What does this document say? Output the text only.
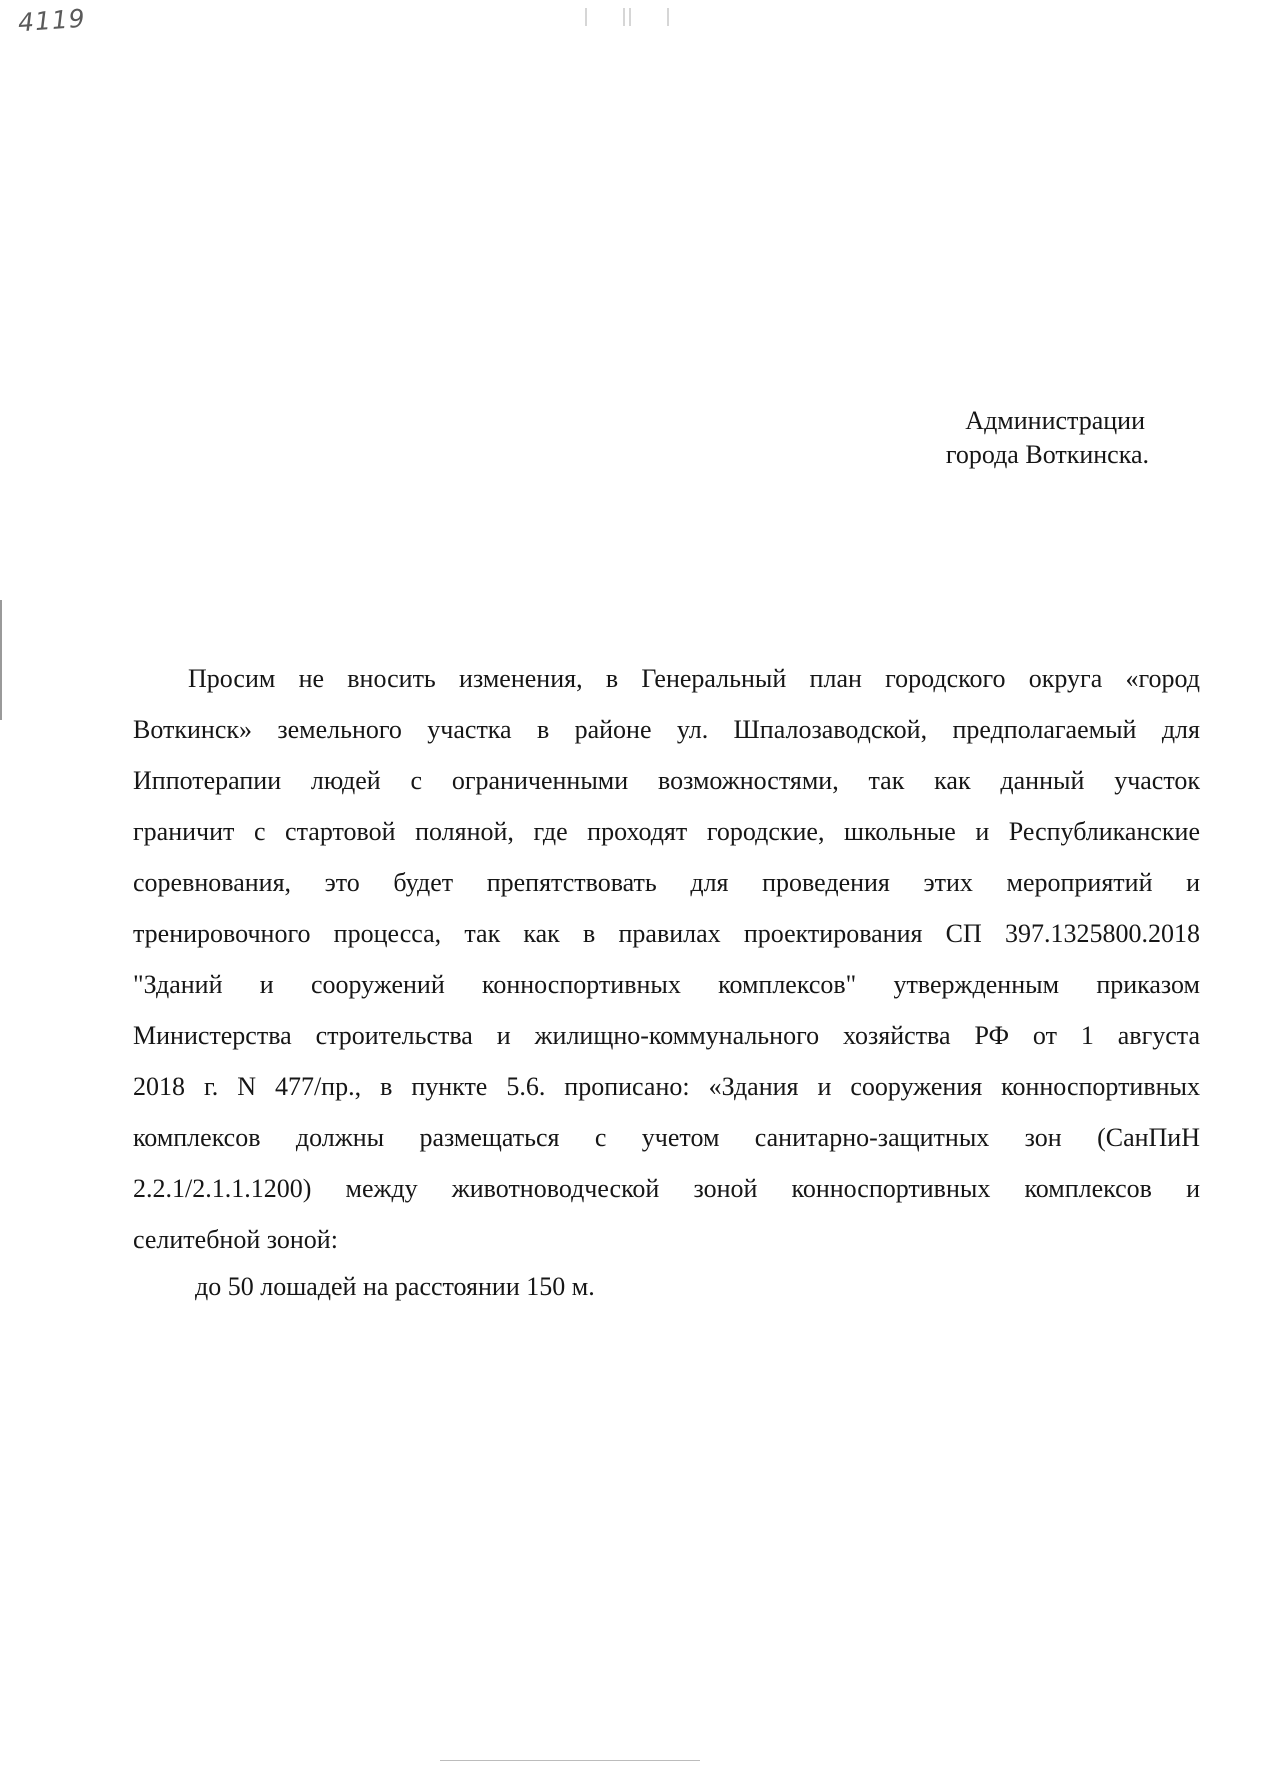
4119
Администрации
города Воткинска.
Просим не вносить изменения, в Генеральный план городского округа «город
Воткинск» земельного участка в районе ул. Шпалозаводской, предполагаемый для
Иппотерапии людей с ограниченными возможностями, так как данный участок
граничит с стартовой поляной, где проходят городские, школьные и Республиканские
соревнования, это будет препятствовать для проведения этих мероприятий и
тренировочного процесса, так как в правилах проектирования СП 397.1325800.2018
"Зданий и сооружений конноспортивных комплексов" утвержденным приказом
Министерства строительства и жилищно-коммунального хозяйства РФ от 1 августа
2018 г. N 477/пр., в пункте 5.6. прописано: «Здания и сооружения конноспортивных
комплексов должны размещаться с учетом санитарно-защитных зон (СанПиН
2.2.1/2.1.1.1200) между животноводческой зоной конноспортивных комплексов и
селитебной зоной:
до 50 лошадей на расстоянии 150 м.
